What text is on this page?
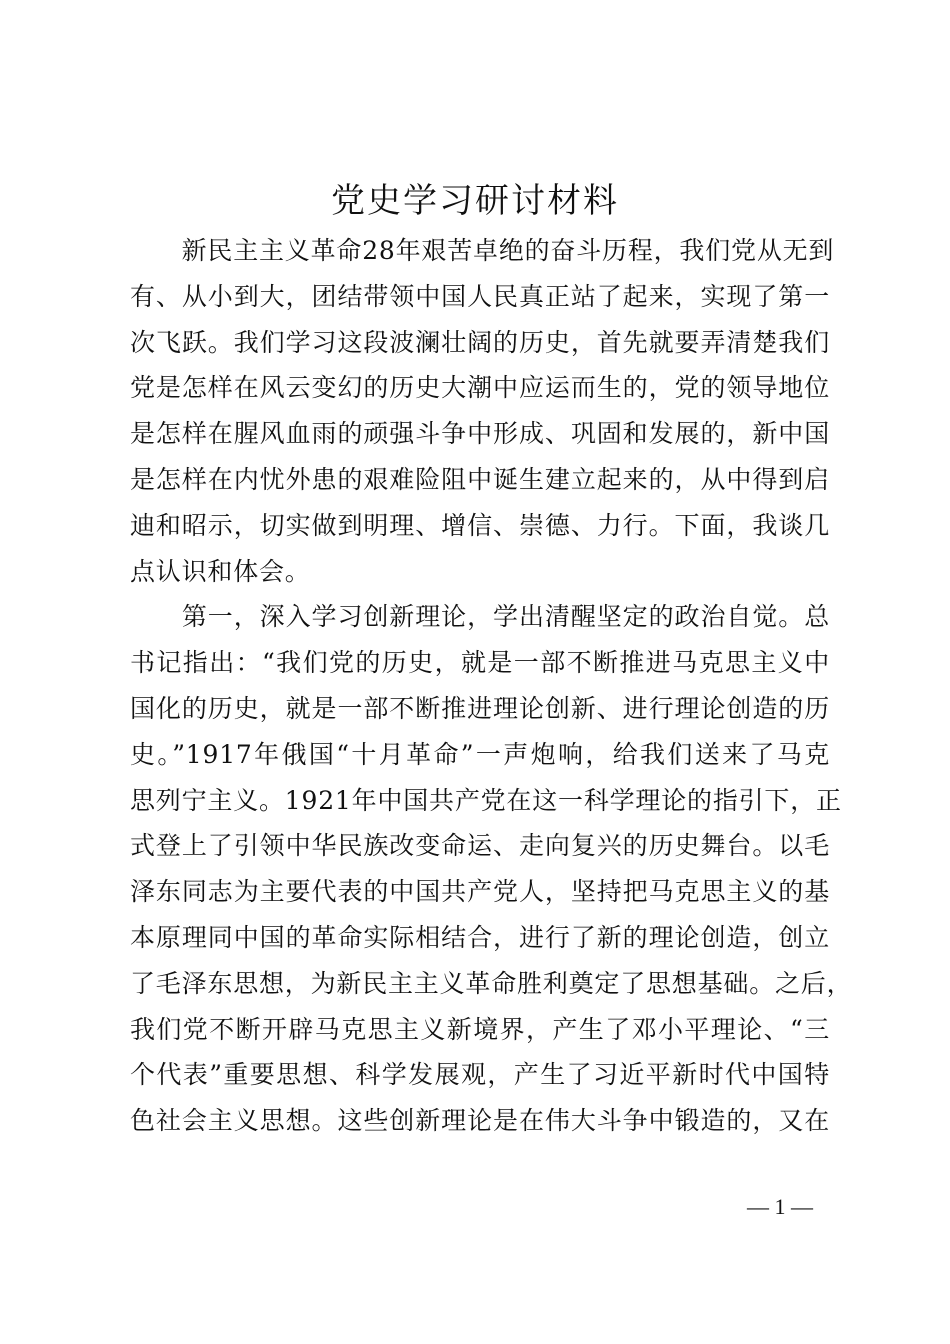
党史学习研讨材料
　　新民主主义革命28年艰苦卓绝的奋斗历程，我们党从无到
有、从小到大，团结带领中国人民真正站了起来，实现了第一
次飞跃。我们学习这段波澜壮阔的历史，首先就要弄清楚我们
党是怎样在风云变幻的历史大潮中应运而生的，党的领导地位
是怎样在腥风血雨的顽强斗争中形成、巩固和发展的，新中国
是怎样在内忧外患的艰难险阻中诞生建立起来的，从中得到启
迪和昭示，切实做到明理、增信、崇德、力行。下面，我谈几
点认识和体会。
　　第一，深入学习创新理论，学出清醒坚定的政治自觉。总
书记指出：“我们党的历史，就是一部不断推进马克思主义中
国化的历史，就是一部不断推进理论创新、进行理论创造的历
史。”1917年俄国“十月革命”一声炮响，给我们送来了马克
思列宁主义。1921年中国共产党在这一科学理论的指引下，正
式登上了引领中华民族改变命运、走向复兴的历史舞台。以毛
泽东同志为主要代表的中国共产党人，坚持把马克思主义的基
本原理同中国的革命实际相结合，进行了新的理论创造，创立
了毛泽东思想，为新民主主义革命胜利奠定了思想基础。之后，
我们党不断开辟马克思主义新境界，产生了邓小平理论、“三
个代表”重要思想、科学发展观，产生了习近平新时代中国特
色社会主义思想。这些创新理论是在伟大斗争中锻造的，又在
— 1 —
